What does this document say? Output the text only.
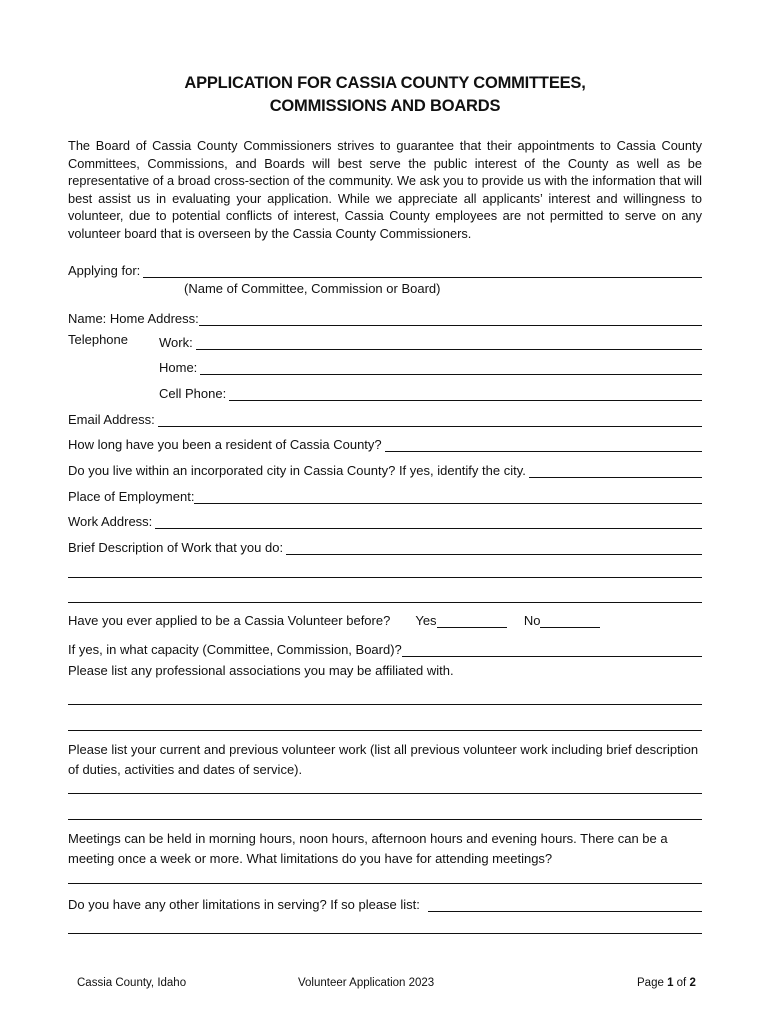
APPLICATION FOR CASSIA COUNTY COMMITTEES,
COMMISSIONS AND BOARDS

The Board of Cassia County Commissioners strives to guarantee that their appointments to Cassia County Committees, Commissions, and Boards will best serve the public interest of the County as well as be representative of a broad cross-section of the community. We ask you to provide us with the information that will best assist us in evaluating your application. While we appreciate all applicants’ interest and willingness to volunteer, due to potential conflicts of interest, Cassia County employees are not permitted to serve on any volunteer board that is overseen by the Cassia County Commissioners.

Applying for:
(Name of Committee, Commission or Board)
Name: Home Address:
Telephone	Work:
Home:
Cell Phone:
Email Address:
How long have you been a resident of Cassia County?
Do you live within an incorporated city in Cassia County? If yes, identify the city.
Place of Employment:
Work Address:
Brief Description of Work that you do:
Have you ever applied to be a Cassia Volunteer before? Yes	No
If yes, in what capacity (Committee, Commission, Board)?
Please list any professional associations you may be affiliated with.
Please list your current and previous volunteer work (list all previous volunteer work including brief description of duties, activities and dates of service).
Meetings can be held in morning hours, noon hours, afternoon hours and evening hours. There can be a meeting once a week or more. What limitations do you have for attending meetings?
Do you have any other limitations in serving? If so please list:
Cassia County, Idaho	Volunteer Application 2023	Page 1 of 2
